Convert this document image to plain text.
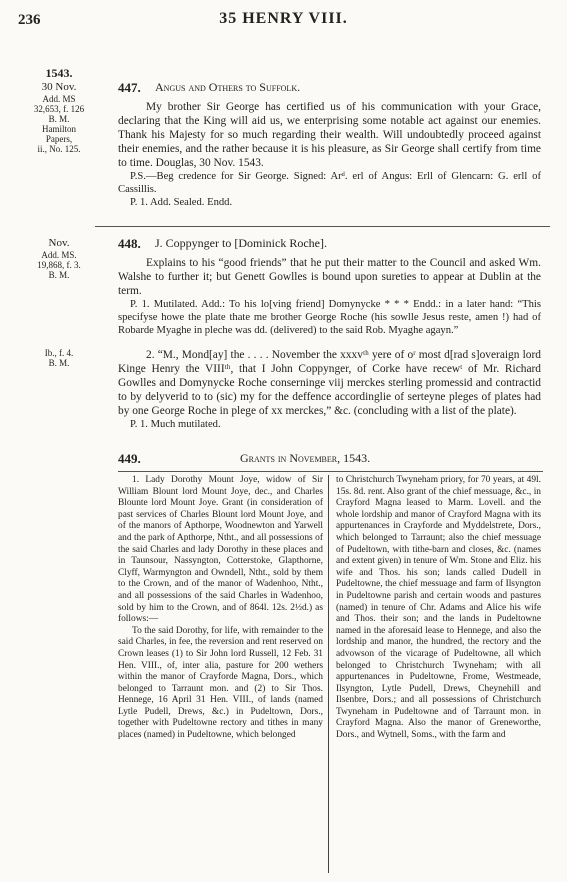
236	35 HENRY VIII.
1543.
30 Nov.
Add. MS
32,653, f. 126
B. M.
Hamilton
Papers,
ii., No. 125.
447. Angus and Others to Suffolk.

My brother Sir George has certified us of his communication with your Grace, declaring that the King will aid us, we enterprising some notable act against our enemies. Thank his Majesty for so much regarding their wealth. Will undoubtedly proceed against their enemies, and the rather because it is his pleasure, as Sir George shall certify from time to time. Douglas, 30 Nov. 1543.

P.S.—Beg credence for Sir George. Signed: Arᵈ. erl of Angus: Erll of Glencarn: G. erll of Cassillis.

P. 1. Add. Sealed. Endd.

Nov.
Add. MS.
19,868, f. 3.
B. M.
448. J. Coppynger to [Dominick Roche].

Explains to his “good friends” that he put their matter to the Council and asked Wm. Walshe to further it; but Genett Gowlles is bound upon sureties to appear at Dublin at the term.

P. 1. Mutilated. Add.: To his lo[ving friend] Domynycke * * * Endd.: in a later hand: “This specifyse howe the plate thate me brother George Roche (his sowlle Jesus reste, amen !) had of Robarde Myaghe in pleche was dd. (delivered) to the said Rob. Myaghe agayn.”

Ib., f. 4.
B. M.

2. “M., Mond[ay] the . . . . November the xxxvᵗʰ yere of oʳ most d[rad s]overaign lord Kinge Henry the VIIIᵗʰ, that I John Coppynger, of Corke have recewᵗ of Mr. Richard Gowlles and Domynycke Roche conserninge viij merckes sterling promessid and contractid to by delyverid to to (sic) my for the deffence accordinglie of serteyne pleges of plates had by one George Roche in plege of xx merckes,” &c. (concluding with a list of the plate).

P. 1. Much mutilated.

449.	Grants in November, 1543.

1. Lady Dorothy Mount Joye, widow of Sir William Blount lord Mount Joye, dec., and Charles Blounte lord Mount Joye. Grant (in consideration of past services of Charles Blount lord Mount Joye, and of the manors of Apthorpe, Woodnewton and Yarwell and the park of Apthorpe, Ntht., and all possessions of the said Charles and lady Dorothy in these places and in Taunsour, Nassyngton, Cotterstoke, Glapthorne, Clyff, Warmyngton and Owndell, Ntht., sold by them to the Crown, and of the manor of Wadenhoo, Ntht., and all possessions of the said Charles in Wadenhoo, sold by him to the Crown, and of 864l. 12s. 2½d.) as follows:—

To the said Dorothy, for life, with remainder to the said Charles, in fee, the reversion and rent reserved on Crown leases (1) to Sir John lord Russell, 12 Feb. 31 Hen. VIII., of, inter alia, pasture for 200 wethers within the manor of Crayforde Magna, Dors., which belonged to Tarraunt mon. and (2) to Sir Thos. Hennege, 16 April 31 Hen. VIII., of lands (named Lytle Pudell, Drews, &c.) in Pudeltown, Dors., together with Pudeltowne rectory and tithes in many places (named) in Pudeltowne, which belonged

to Christchurch Twyneham priory, for 70 years, at 49l. 15s. 8d. rent. Also grant of the chief messuage, &c., in Crayford Magna leased to Marm. Lovell. and the whole lordship and manor of Crayford Magna with its appurtenances in Crayforde and Myddelstrete, Dors., which belonged to Tarraunt; also the chief messuage of Pudeltown, with tithe-barn and closes, &c. (names and extent given) in tenure of Wm. Stone and Eliz. his wife and Thos. his son; lands called Dudell in Pudeltowne, the chief messuage and farm of Ilsyngton in Pudeltowne parish and certain woods and pastures (named) in tenure of Chr. Adams and Alice his wife and Thos. their son; and the lands in Pudeltowne named in the aforesaid lease to Hennege, and also the lordship and manor, the hundred, the rectory and the advowson of the vicarage of Pudeltowne, all which belonged to Christchurch Twyneham; with all appurtenances in Pudeltowne, Frome, Westmeade, Ilsyngton, Lytle Pudell, Drews, Cheynehill and Ilsenbre, Dors.; and all possessions of Christchurch Twyneham in Pudeltowne and of Tarraunt mon. in Crayford Magna. Also the manor of Greneworthe, Dors., and Wytnell, Soms., with the farm and
